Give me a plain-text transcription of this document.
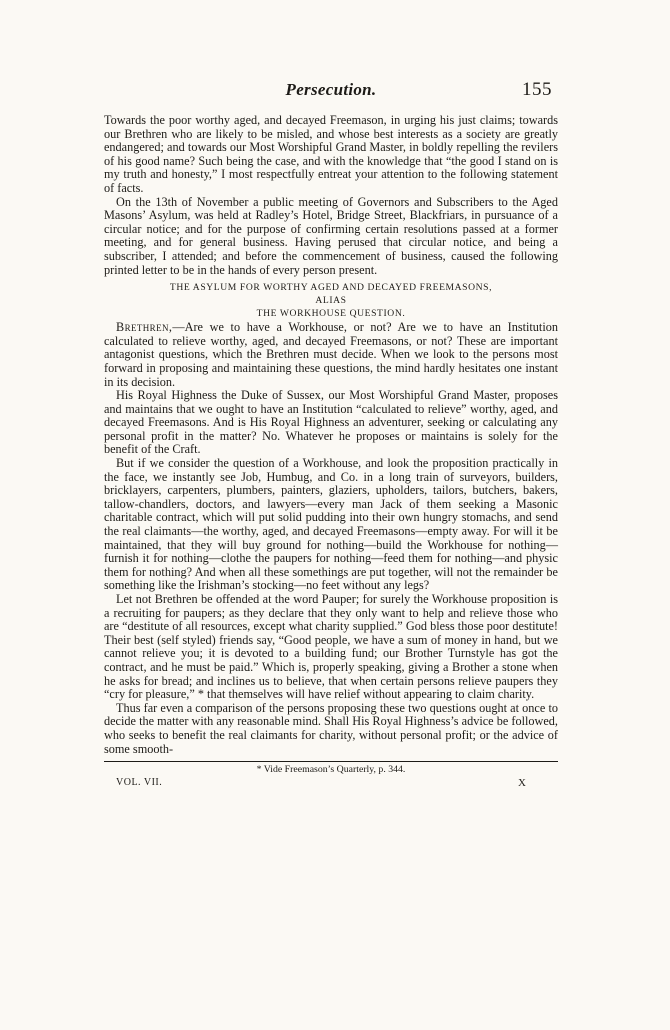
Persecution.	155

Towards the poor worthy aged, and decayed Freemason, in urging his just claims; towards our Brethren who are likely to be misled, and whose best interests as a society are greatly endangered; and towards our Most Worshipful Grand Master, in boldly repelling the revilers of his good name? Such being the case, and with the knowledge that “the good I stand on is my truth and honesty,” I most respectfully entreat your attention to the following statement of facts.

On the 13th of November a public meeting of Governors and Subscribers to the Aged Masons’ Asylum, was held at Radley’s Hotel, Bridge Street, Blackfriars, in pursuance of a circular notice; and for the purpose of confirming certain resolutions passed at a former meeting, and for general business. Having perused that circular notice, and being a subscriber, I attended; and before the commencement of business, caused the following printed letter to be in the hands of every person present.

THE ASYLUM FOR WORTHY AGED AND DECAYED FREEMASONS,
ALIAS
THE WORKHOUSE QUESTION.

Brethren,—Are we to have a Workhouse, or not? Are we to have an Institution calculated to relieve worthy, aged, and decayed Freemasons, or not? These are important antagonist questions, which the Brethren must decide. When we look to the persons most forward in proposing and maintaining these questions, the mind hardly hesitates one instant in its decision.

His Royal Highness the Duke of Sussex, our Most Worshipful Grand Master, proposes and maintains that we ought to have an Institution “calculated to relieve” worthy, aged, and decayed Freemasons. And is His Royal Highness an adventurer, seeking or calculating any personal profit in the matter? No. Whatever he proposes or maintains is solely for the benefit of the Craft.

But if we consider the question of a Workhouse, and look the proposition practically in the face, we instantly see Job, Humbug, and Co. in a long train of surveyors, builders, bricklayers, carpenters, plumbers, painters, glaziers, upholders, tailors, butchers, bakers, tallow-chandlers, doctors, and lawyers—every man Jack of them seeking a Masonic charitable contract, which will put solid pudding into their own hungry stomachs, and send the real claimants—the worthy, aged, and decayed Freemasons—empty away. For will it be maintained, that they will buy ground for nothing—build the Workhouse for nothing—furnish it for nothing—clothe the paupers for nothing—feed them for nothing—and physic them for nothing? And when all these somethings are put together, will not the remainder be something like the Irishman’s stocking—no feet without any legs?

Let not Brethren be offended at the word Pauper; for surely the Workhouse proposition is a recruiting for paupers; as they declare that they only want to help and relieve those who are “destitute of all resources, except what charity supplied.” God bless those poor destitute! Their best (self styled) friends say, “Good people, we have a sum of money in hand, but we cannot relieve you; it is devoted to a building fund; our Brother Turnstyle has got the contract, and he must be paid.” Which is, properly speaking, giving a Brother a stone when he asks for bread; and inclines us to believe, that when certain persons relieve paupers they “cry for pleasure,” * that themselves will have relief without appearing to claim charity.

Thus far even a comparison of the persons proposing these two questions ought at once to decide the matter with any reasonable mind. Shall His Royal Highness’s advice be followed, who seeks to benefit the real claimants for charity, without personal profit; or the advice of some smooth-

* Vide Freemason’s Quarterly, p. 344.
VOL. VII.	X
